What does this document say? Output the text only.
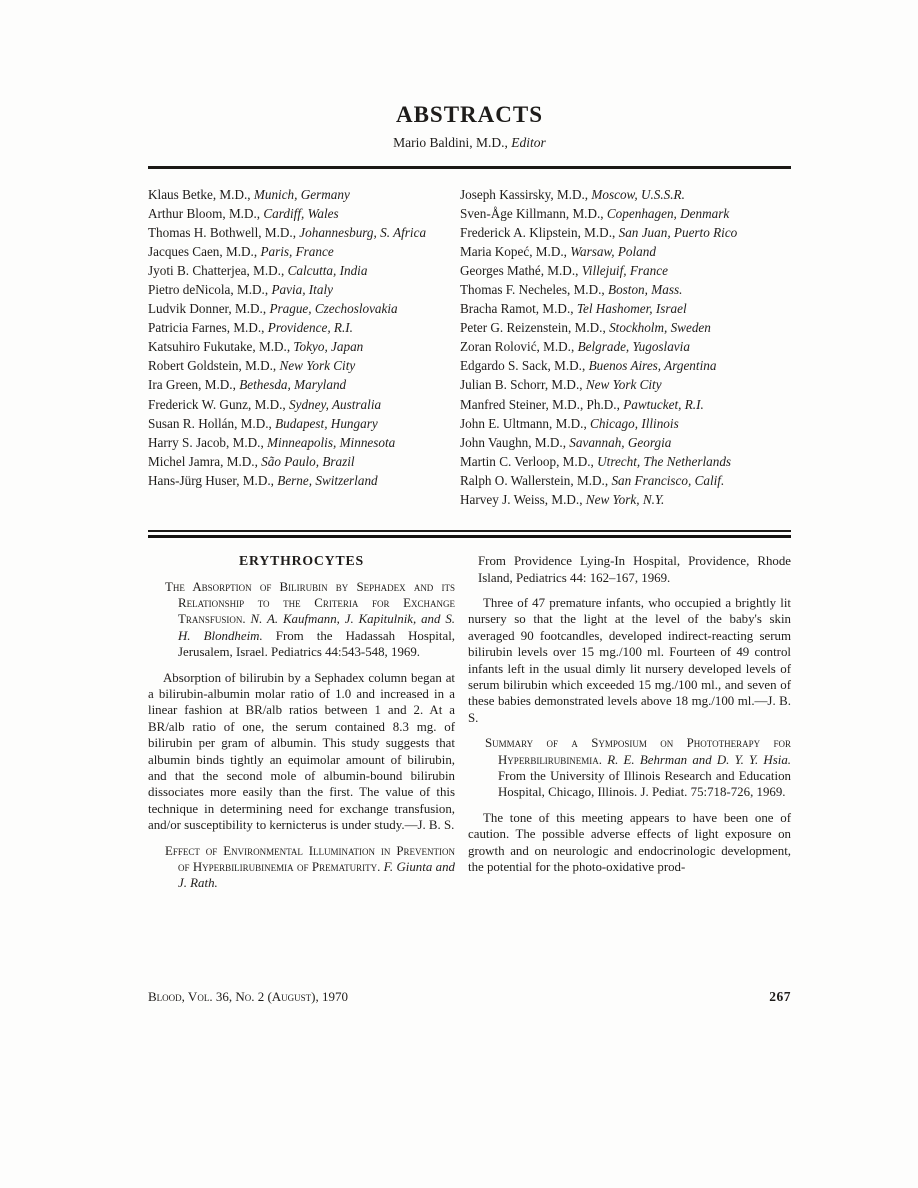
ABSTRACTS
Mario Baldini, M.D., Editor
Klaus Betke, M.D., Munich, Germany
Arthur Bloom, M.D., Cardiff, Wales
Thomas H. Bothwell, M.D., Johannesburg, S. Africa
Jacques Caen, M.D., Paris, France
Jyoti B. Chatterjea, M.D., Calcutta, India
Pietro deNicola, M.D., Pavia, Italy
Ludvik Donner, M.D., Prague, Czechoslovakia
Patricia Farnes, M.D., Providence, R.I.
Katsuhiro Fukutake, M.D., Tokyo, Japan
Robert Goldstein, M.D., New York City
Ira Green, M.D., Bethesda, Maryland
Frederick W. Gunz, M.D., Sydney, Australia
Susan R. Hollán, M.D., Budapest, Hungary
Harry S. Jacob, M.D., Minneapolis, Minnesota
Michel Jamra, M.D., São Paulo, Brazil
Hans-Jürg Huser, M.D., Berne, Switzerland
Joseph Kassirsky, M.D., Moscow, U.S.S.R.
Sven-Åge Killmann, M.D., Copenhagen, Denmark
Frederick A. Klipstein, M.D., San Juan, Puerto Rico
Maria Kopeć, M.D., Warsaw, Poland
Georges Mathé, M.D., Villejuif, France
Thomas F. Necheles, M.D., Boston, Mass.
Bracha Ramot, M.D., Tel Hashomer, Israel
Peter G. Reizenstein, M.D., Stockholm, Sweden
Zoran Rolović, M.D., Belgrade, Yugoslavia
Edgardo S. Sack, M.D., Buenos Aires, Argentina
Julian B. Schorr, M.D., New York City
Manfred Steiner, M.D., Ph.D., Pawtucket, R.I.
John E. Ultmann, M.D., Chicago, Illinois
John Vaughn, M.D., Savannah, Georgia
Martin C. Verloop, M.D., Utrecht, The Netherlands
Ralph O. Wallerstein, M.D., San Francisco, Calif.
Harvey J. Weiss, M.D., New York, N.Y.
ERYTHROCYTES

The Absorption of Bilirubin by Sephadex and its Relationship to the Criteria for Exchange Transfusion. N. A. Kaufmann, J. Kapitulnik, and S. H. Blondheim. From the Hadassah Hospital, Jerusalem, Israel. Pediatrics 44:543-548, 1969.

Absorption of bilirubin by a Sephadex column began at a bilirubin-albumin molar ratio of 1.0 and increased in a linear fashion at BR/alb ratios between 1 and 2. At a BR/alb ratio of one, the serum contained 8.3 mg. of bilirubin per gram of albumin. This study suggests that albumin binds tightly an equimolar amount of bilirubin, and that the second mole of albumin-bound bilirubin dissociates more easily than the first. The value of this technique in determining need for exchange transfusion, and/or susceptibility to kernicterus is under study.—J. B. S.

Effect of Environmental Illumination in Prevention of Hyperbilirubinemia of Prematurity. F. Giunta and J. Rath.

From Providence Lying-In Hospital, Providence, Rhode Island, Pediatrics 44: 162–167, 1969.

Three of 47 premature infants, who occupied a brightly lit nursery so that the light at the level of the baby's skin averaged 90 footcandles, developed indirect-reacting serum bilirubin levels over 15 mg./100 ml. Fourteen of 49 control infants left in the usual dimly lit nursery developed levels of serum bilirubin which exceeded 15 mg./100 ml., and seven of these babies demonstrated levels above 18 mg./100 ml.—J. B. S.

Summary of a Symposium on Phototherapy for Hyperbilirubinemia. R. E. Behrman and D. Y. Y. Hsia. From the University of Illinois Research and Education Hospital, Chicago, Illinois. J. Pediat. 75:718-726, 1969.

The tone of this meeting appears to have been one of caution. The possible adverse effects of light exposure on growth and on neurologic and endocrinologic development, the potential for the photo-oxidative prod-

Blood, Vol. 36, No. 2 (August), 1970	267
